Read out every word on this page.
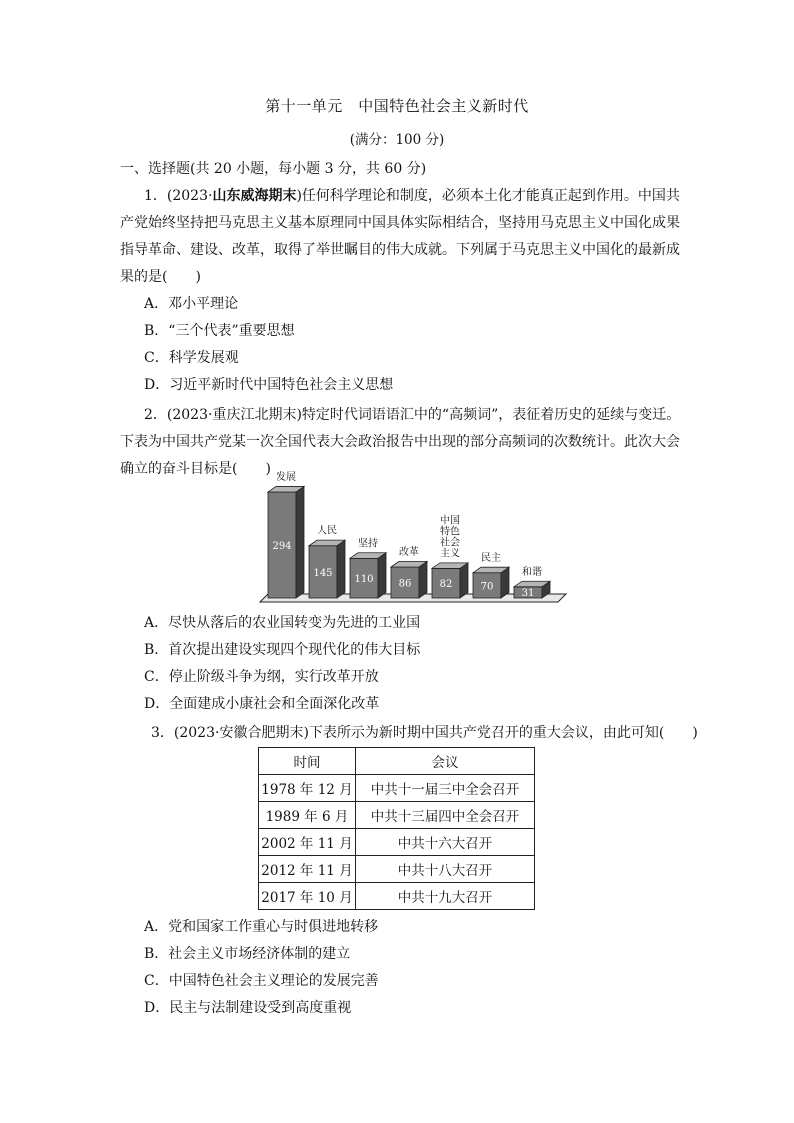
第十一单元　中国特色社会主义新时代
(满分：100 分)
一、选择题(共 20 小题，每小题 3 分，共 60 分)
1．(2023·山东威海期末)任何科学理论和制度，必须本土化才能真正起到作用。中国共
产党始终坚持把马克思主义基本原理同中国具体实际相结合，坚持用马克思主义中国化成果
指导革命、建设、改革，取得了举世瞩目的伟大成就。下列属于马克思主义中国化的最新成
果的是(　　)
A．邓小平理论
B．“三个代表”重要思想
C．科学发展观
D．习近平新时代中国特色社会主义思想
2．(2023·重庆江北期末)特定时代词语语汇中的“高频词”，表征着历史的延续与变迁。
下表为中国共产党某一次全国代表大会政治报告中出现的部分高频词的次数统计。此次大会
确立的奋斗目标是(　　)
294
发展
145
人民
110
坚持
86
改革
82
中国
特色
社会
主义
70
民主
31
和谐
A．尽快从落后的农业国转变为先进的工业国
B．首次提出建设实现四个现代化的伟大目标
C．停止阶级斗争为纲，实行改革开放
D．全面建成小康社会和全面深化改革
3．(2023·安徽合肥期末)下表所示为新时期中国共产党召开的重大会议，由此可知(　　)
时间	会议
1978 年 12 月	中共十一届三中全会召开
1989 年 6 月	中共十三届四中全会召开
2002 年 11 月	中共十六大召开
2012 年 11 月	中共十八大召开
2017 年 10 月	中共十九大召开
A．党和国家工作重心与时俱进地转移
B．社会主义市场经济体制的建立
C．中国特色社会主义理论的发展完善
D．民主与法制建设受到高度重视
